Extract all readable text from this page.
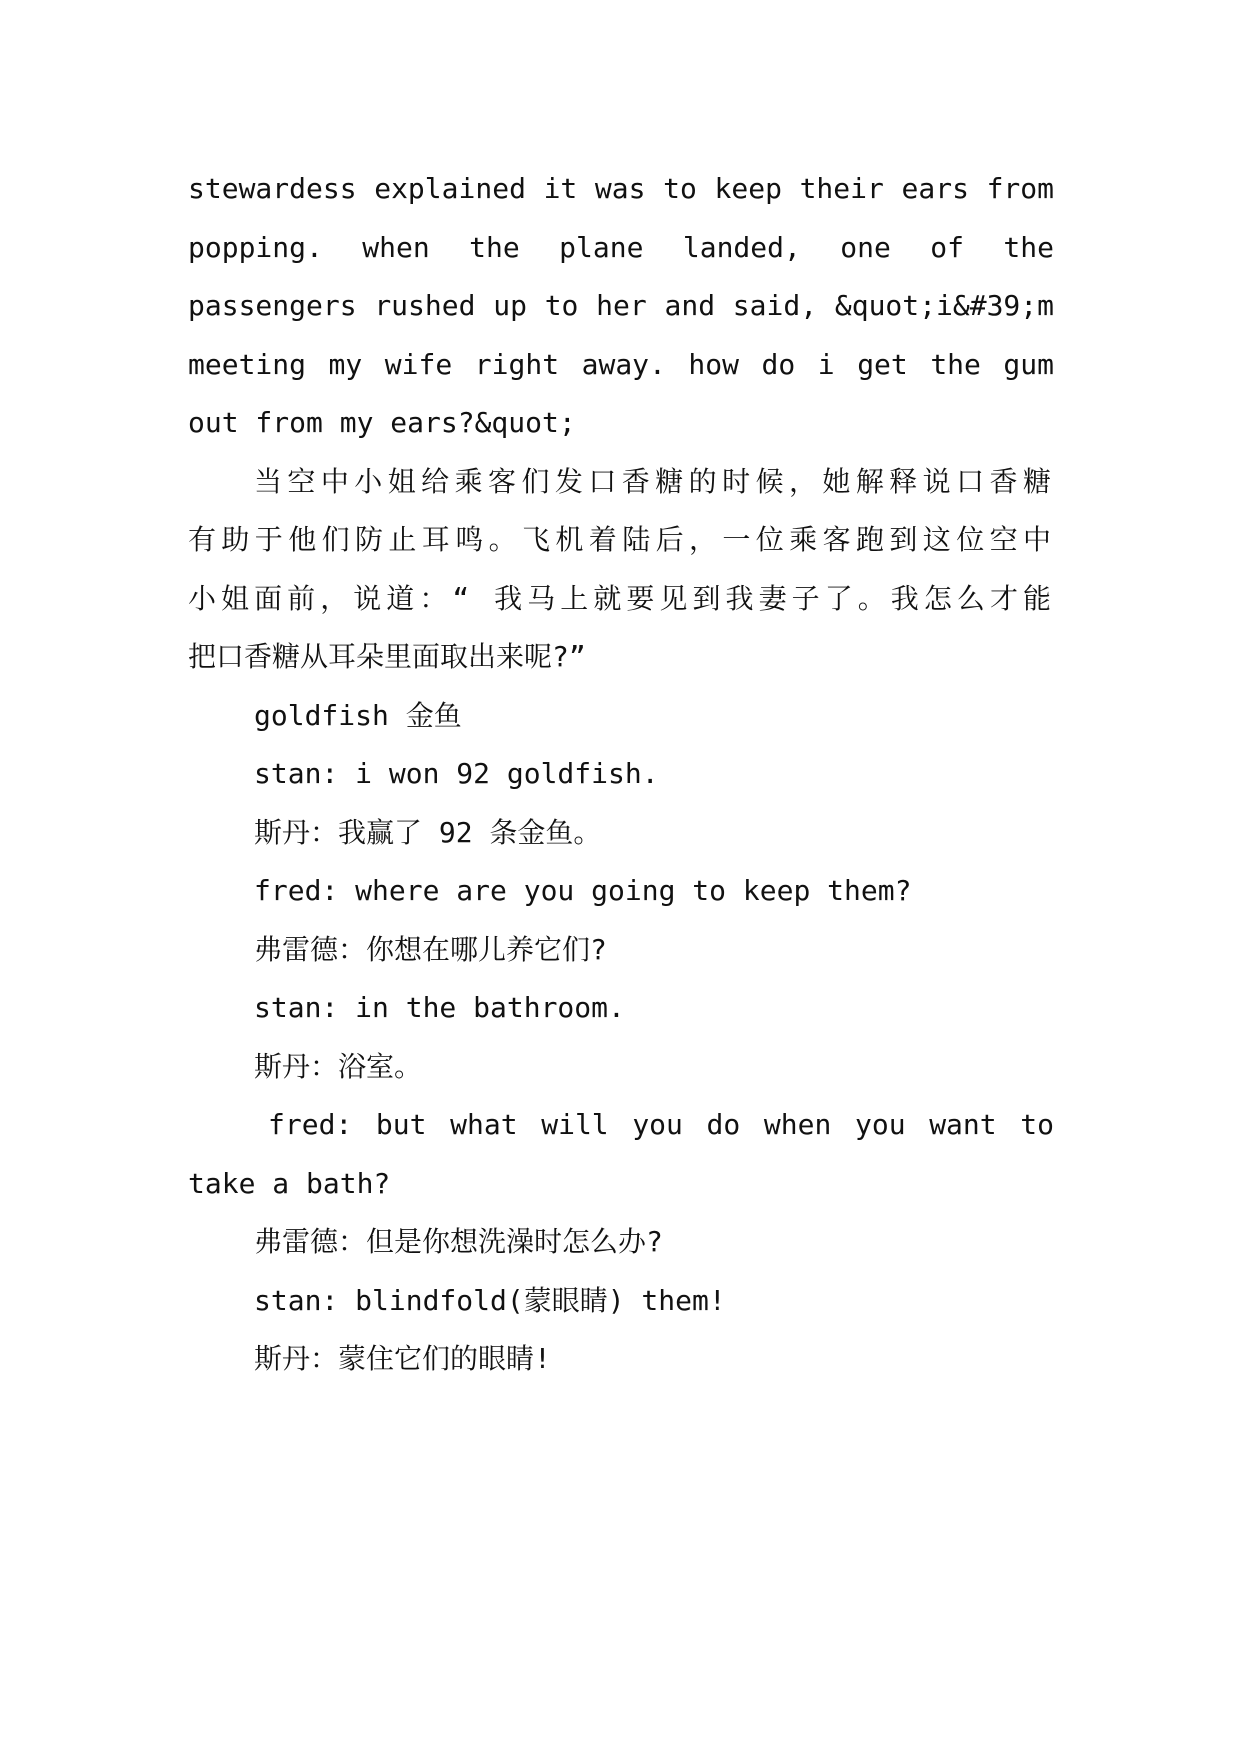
stewardess explained it was to keep their ears from
popping. when the plane landed, one of the
passengers rushed up to her and said, &quot;i&#39;m
meeting my wife right away. how do i get the gum
out from my ears?&quot;
当空中小姐给乘客们发口香糖的时候，她解释说口香糖
有助于他们防止耳鸣。飞机着陆后，一位乘客跑到这位空中
小姐面前，说道：“ 我马上就要见到我妻子了。我怎么才能
把口香糖从耳朵里面取出来呢?”
goldfish 金鱼
stan: i won 92 goldfish.
斯丹：我赢了 92 条金鱼。
fred: where are you going to keep them?
弗雷德：你想在哪儿养它们?
stan: in the bathroom.
斯丹：浴室。
fred: but what will you do when you want to
take a bath?
弗雷德：但是你想洗澡时怎么办?
stan: blindfold(蒙眼睛) them!
斯丹：蒙住它们的眼睛!
